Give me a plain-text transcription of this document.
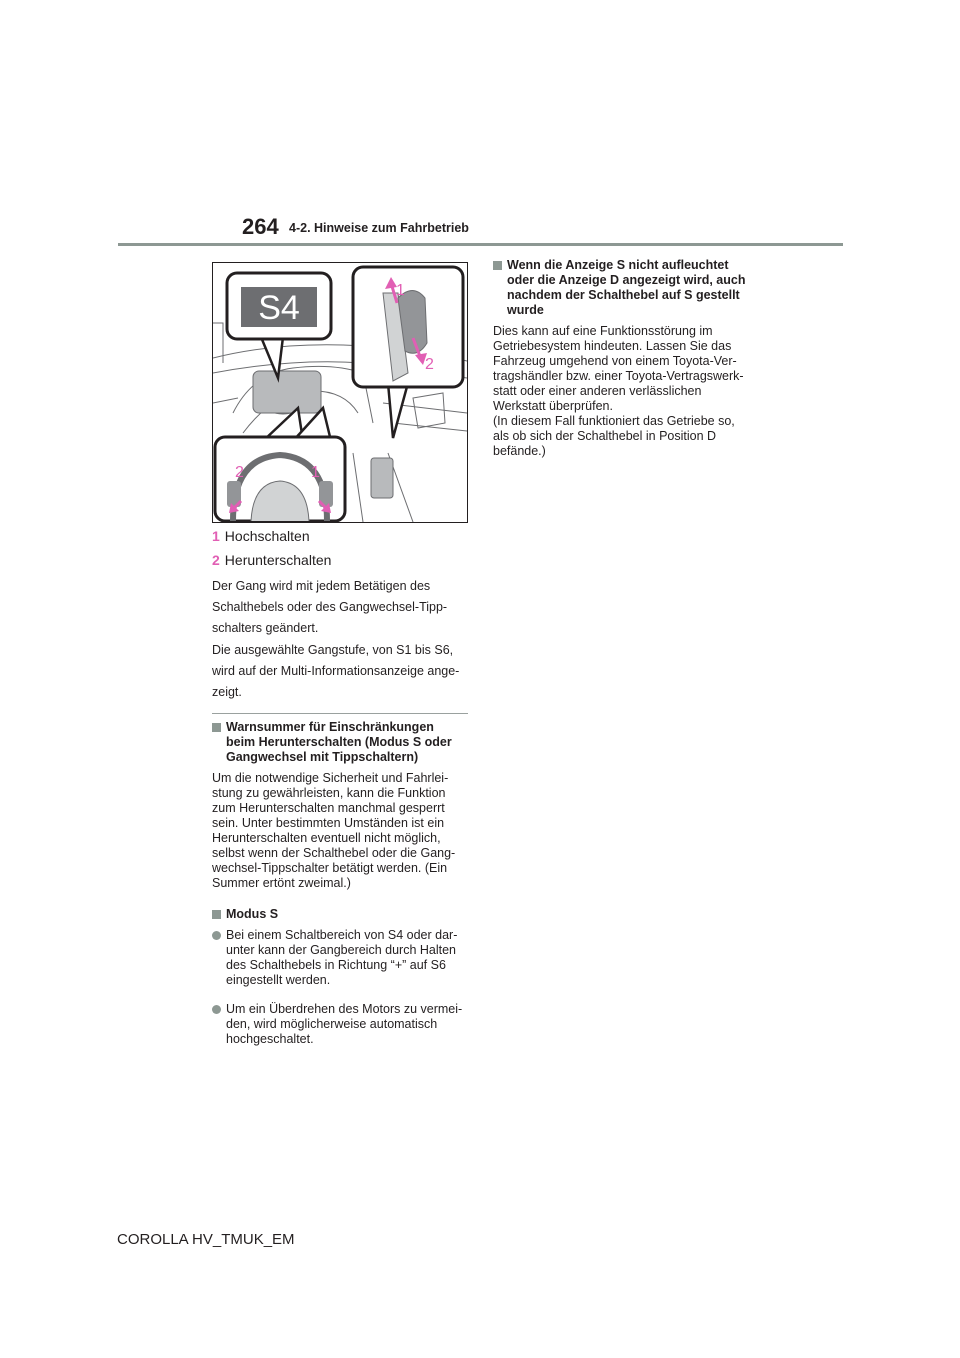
264 4-2. Hinweise zum Fahrbetrieb
S4	1
2
2	1
1 Hochschalten
2 Herunterschalten
Der Gang wird mit jedem Betätigen des
Schalthebels oder des Gangwechsel-Tipp-
schalters geändert.
Die ausgewählte Gangstufe, von S1 bis S6,
wird auf der Multi-Informationsanzeige ange-
zeigt.
Warnsummer für Einschränkungen
beim Herunterschalten (Modus S oder
Gangwechsel mit Tippschaltern)
Um die notwendige Sicherheit und Fahrlei-
stung zu gewährleisten, kann die Funktion
zum Herunterschalten manchmal gesperrt
sein. Unter bestimmten Umständen ist ein
Herunterschalten eventuell nicht möglich,
selbst wenn der Schalthebel oder die Gang-
wechsel-Tippschalter betätigt werden. (Ein
Summer ertönt zweimal.)
Modus S
Bei einem Schaltbereich von S4 oder dar-
unter kann der Gangbereich durch Halten
des Schalthebels in Richtung “+” auf S6
eingestellt werden.
Um ein Überdrehen des Motors zu vermei-
den, wird möglicherweise automatisch
hochgeschaltet.
Wenn die Anzeige S nicht aufleuchtet
oder die Anzeige D angezeigt wird, auch
nachdem der Schalthebel auf S gestellt
wurde
Dies kann auf eine Funktionsstörung im
Getriebesystem hindeuten. Lassen Sie das
Fahrzeug umgehend von einem Toyota-Ver-
tragshändler bzw. einer Toyota-Vertragswerk-
statt oder einer anderen verlässlichen
Werkstatt überprüfen.
(In diesem Fall funktioniert das Getriebe so,
als ob sich der Schalthebel in Position D
befände.)
COROLLA HV_TMUK_EM
